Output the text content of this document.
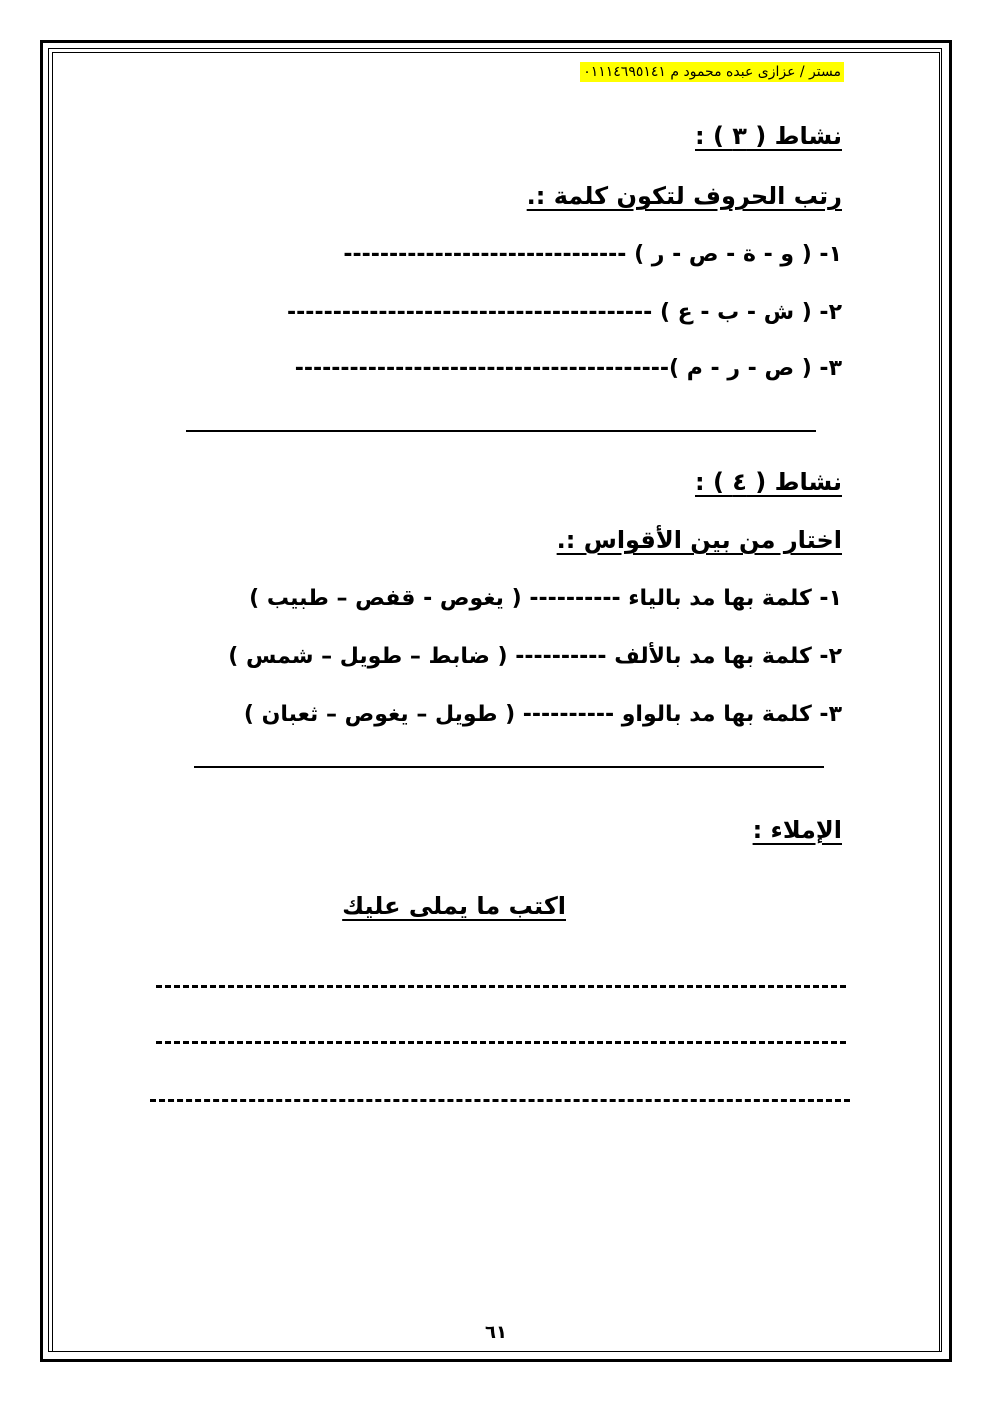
مستر / عزازى عبده محمود م ٠١١١٤٦٩٥١٤١
نشاط ( ٣ ) :
رتب الحروف لتكون كلمة :.
١- ( و - ة - ص - ر ) -------------------------------
٢- ( ش - ب - ع ) ----------------------------------------
٣- ( ص - ر - م )-----------------------------------------
نشاط ( ٤ ) :
اختار من بين الأقواس :.
١- كلمة بها مد بالياء ---------- ( يغوص - قفص – طبيب )
٢- كلمة بها مد بالألف ---------- ( ضابط – طويل – شمس )
٣- كلمة بها مد بالواو ---------- ( طويل – يغوص – ثعبان )
الإملاء :
اكتب ما يملى عليك
٦١
